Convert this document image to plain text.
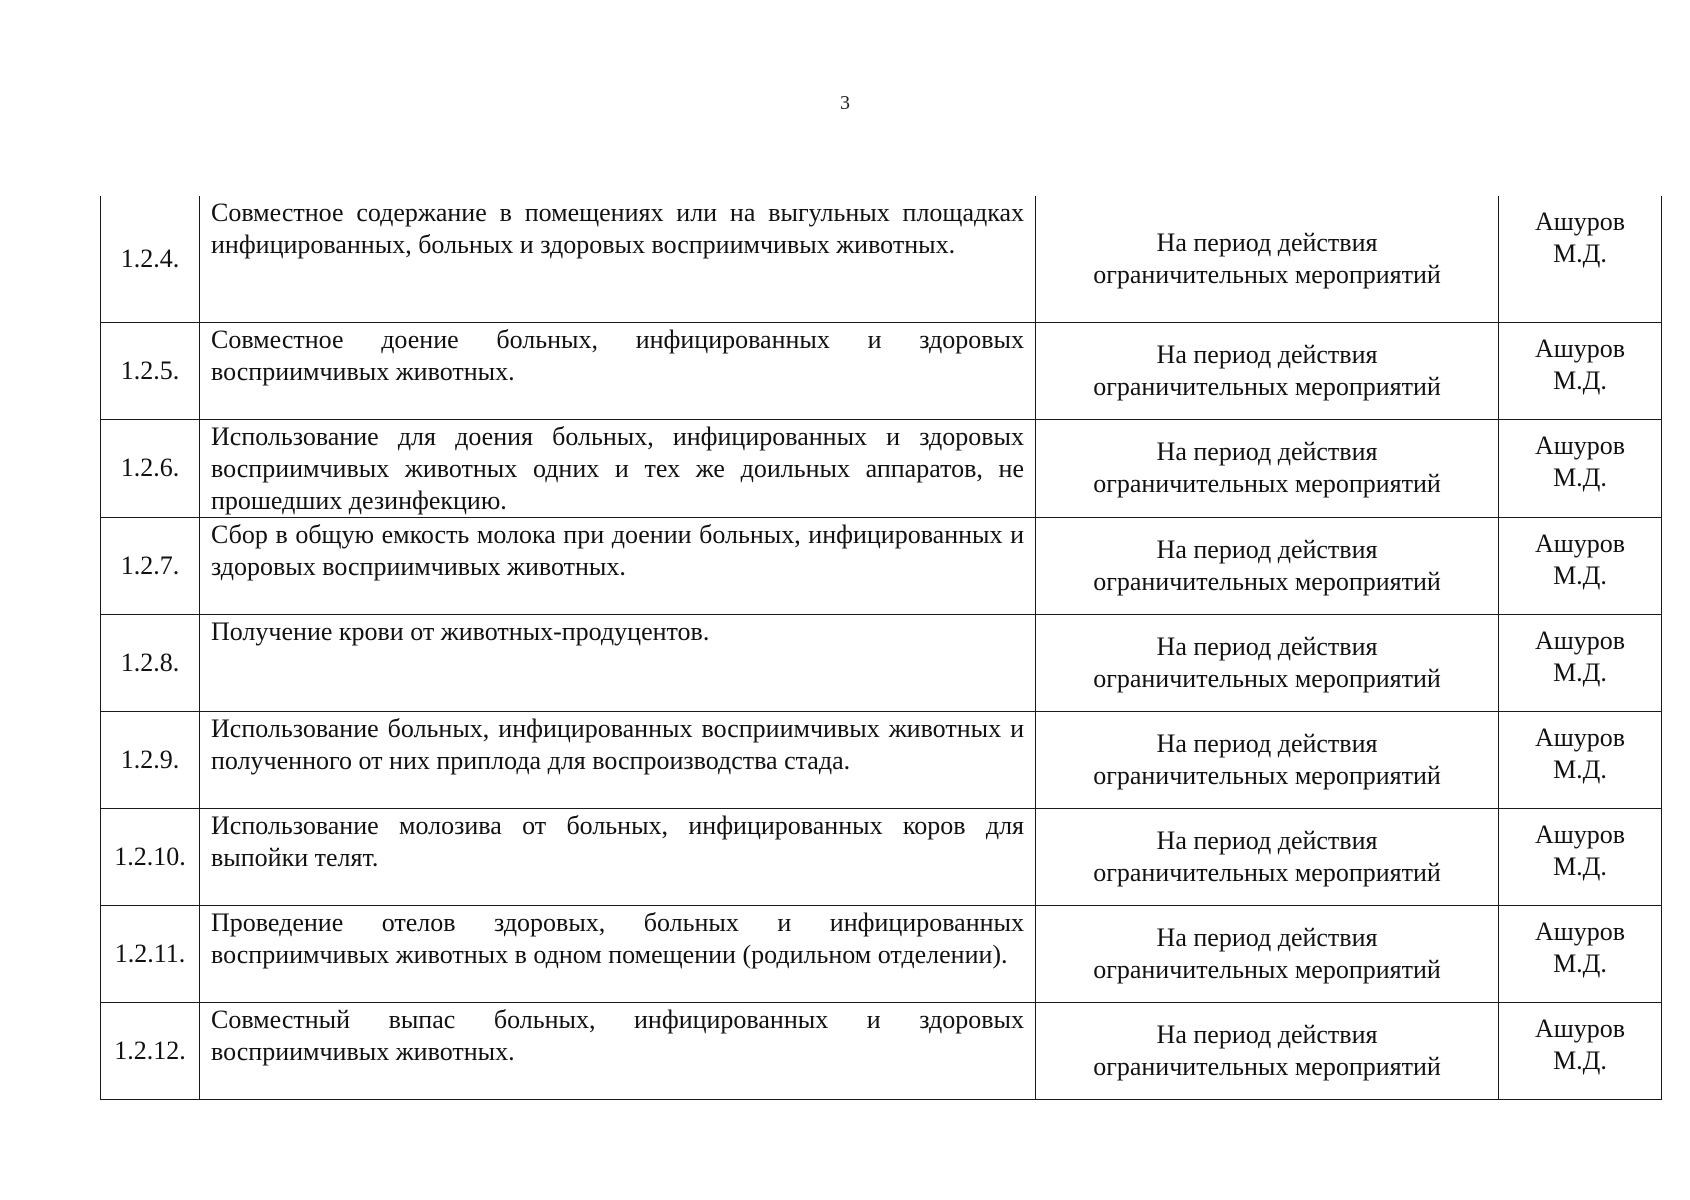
3
1.2.4.	Совместное содержание в помещениях или на выгульных площадках инфицированных, больных и здоровых восприимчивых животных.	На период действия
ограничительных мероприятий	Ашуров
М.Д.

1.2.5.	Совместное доение больных, инфицированных и здоровых восприимчивых животных.	На период действия
ограничительных мероприятий	Ашуров
М.Д.

1.2.6.	Использование для доения больных, инфицированных и здоровых восприимчивых животных одних и тех же доильных аппаратов, не прошедших дезинфекцию.	На период действия
ограничительных мероприятий	Ашуров
М.Д.

1.2.7.	Сбор в общую емкость молока при доении больных, инфицированных и здоровых восприимчивых животных.	На период действия
ограничительных мероприятий	Ашуров
М.Д.

1.2.8.	Получение крови от животных-продуцентов.	На период действия
ограничительных мероприятий	Ашуров
М.Д.

1.2.9.	Использование больных, инфицированных восприимчивых животных и полученного от них приплода для воспроизводства стада.	На период действия
ограничительных мероприятий	Ашуров
М.Д.

1.2.10.	Использование молозива от больных, инфицированных коров для выпойки телят.	На период действия
ограничительных мероприятий	Ашуров
М.Д.

1.2.11.	Проведение отелов здоровых, больных и инфицированных восприимчивых животных в одном помещении (родильном отделении).	На период действия
ограничительных мероприятий	Ашуров
М.Д.

1.2.12.	Совместный выпас больных, инфицированных и здоровых восприимчивых животных.	На период действия
ограничительных мероприятий	Ашуров
М.Д.
